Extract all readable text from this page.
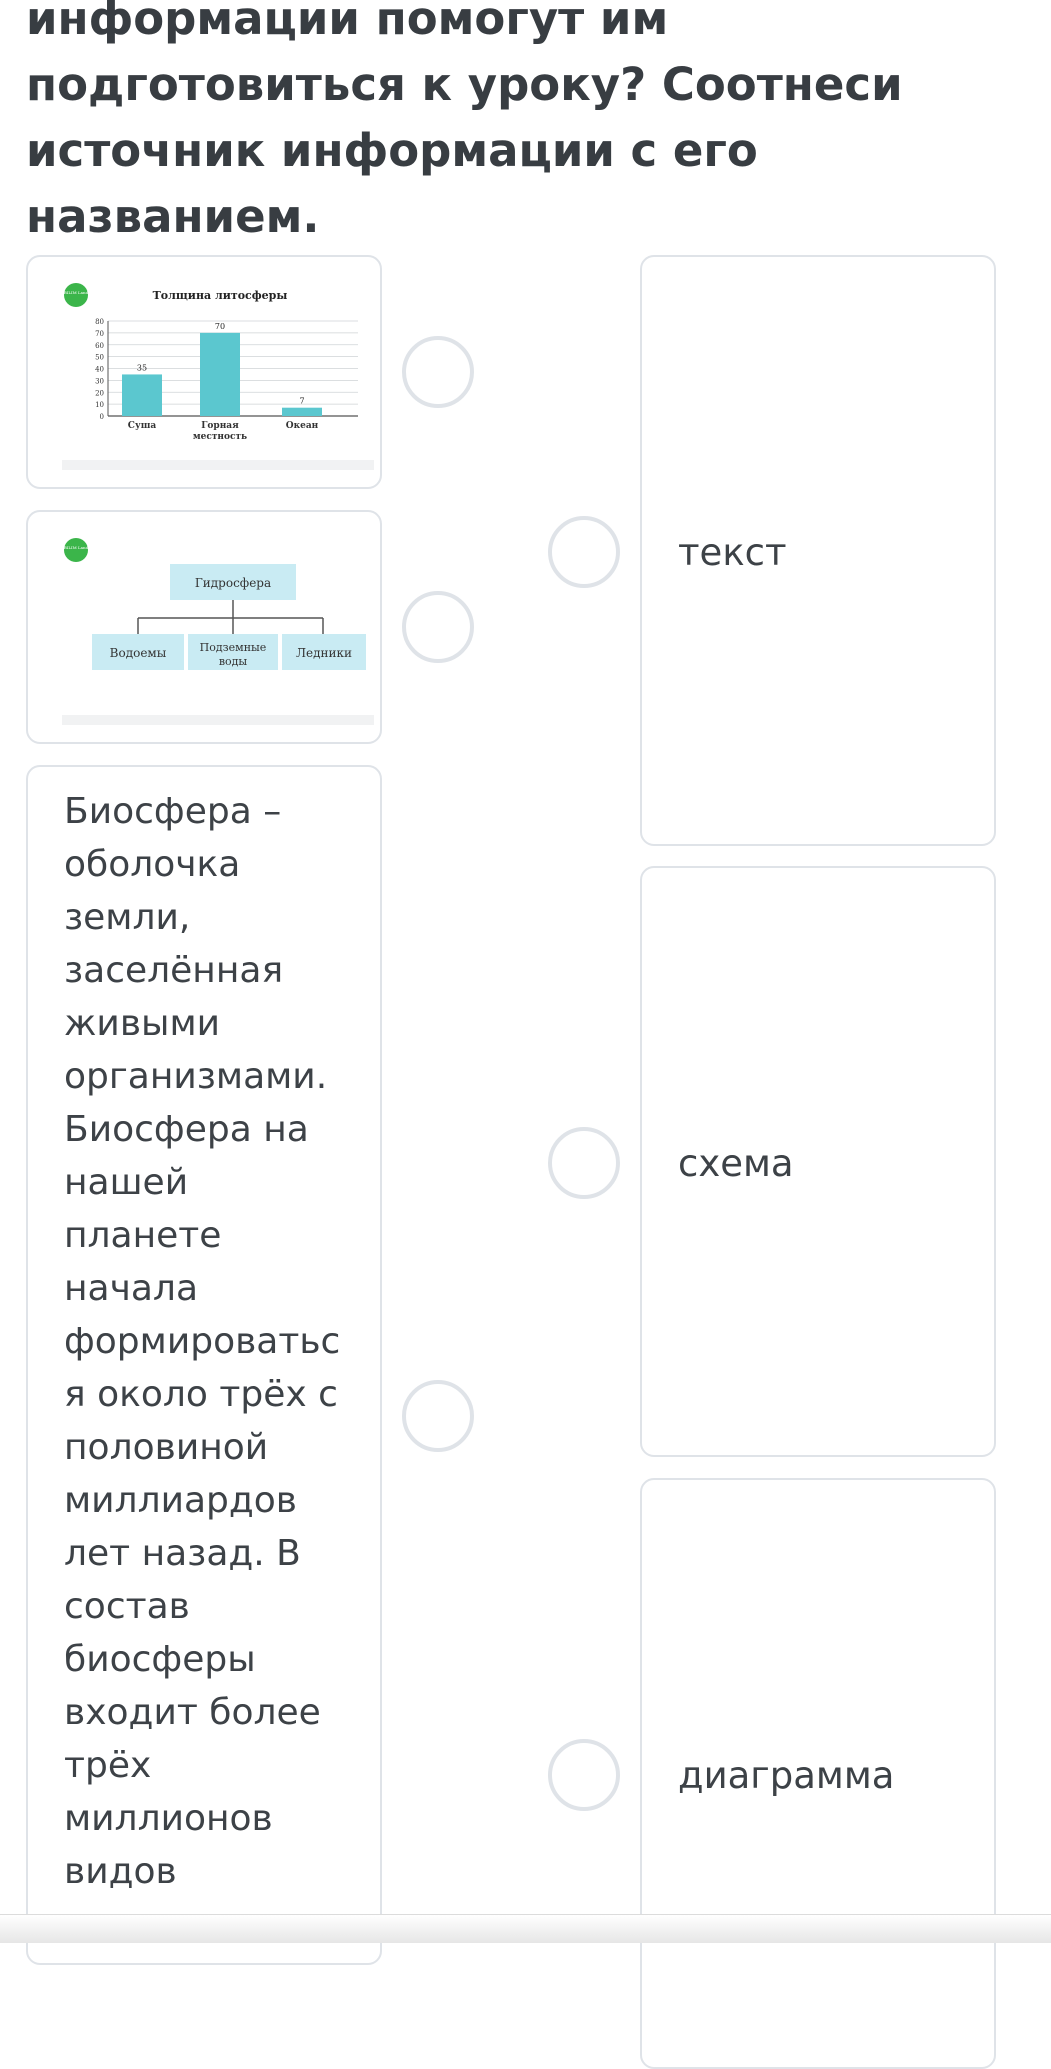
информации помогут им
подготовиться к уроку? Соотнеси
источник информации с его
названием.
BILIM Land	Толщина литосферы
0
10
20
30
40
50
60
70
80
35
70
7
Суша	Горная
местность
Океан
BILIM Land
Гидросфера
Водоемы	Подземные
воды
Ледники

Биосфера –
оболочка
земли,
заселённая
живыми
организмами.
Биосфера на
нашей
планете
начала
формироватьс
я около трёх с
половиной
миллиардов
лет назад. В
состав
биосферы
входит более
трёх
миллионов
видов

текст
схема
диаграмма
